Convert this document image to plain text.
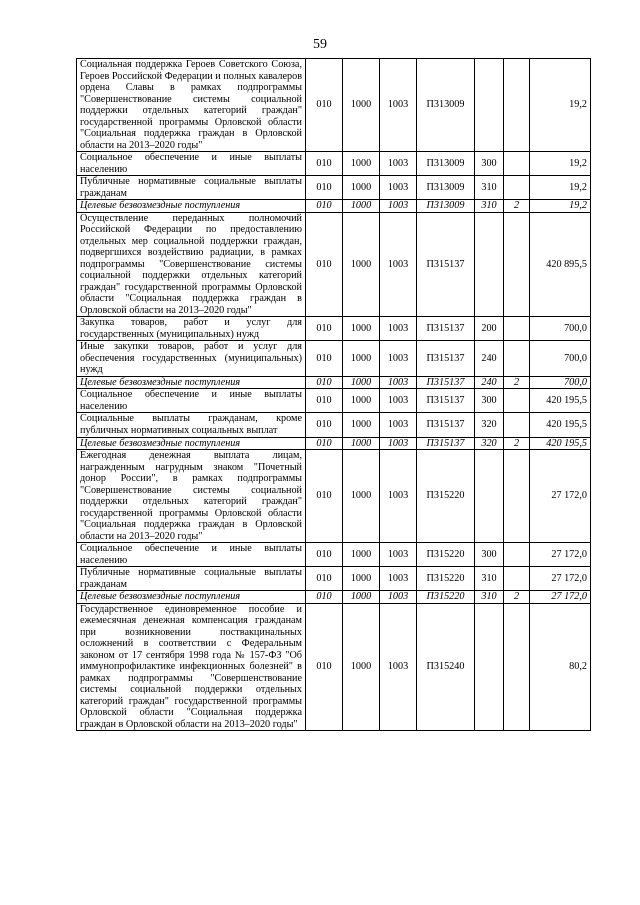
59
Социальная поддержка Героев Советского Союза, Героев Российской Федерации и полных кавалеров ордена Славы в рамках подпрограммы "Совершенствование системы социальной поддержки отдельных категорий граждан" государственной программы Орловской области "Социальная поддержка граждан в Орловской области на 2013–2020 годы"	010	1000	1003	П313009			19,2
Социальное обеспечение и иные выплаты населению	010	1000	1003	П313009	300		19,2
Публичные нормативные социальные выплаты гражданам	010	1000	1003	П313009	310		19,2
Целевые безвозмездные поступления	010	1000	1003	П313009	310	2	19,2
Осуществление переданных полномочий Российской Федерации по предоставлению отдельных мер социальной поддержки граждан, подвергшихся воздействию радиации, в рамках подпрограммы "Совершенствование системы социальной поддержки отдельных категорий граждан" государственной программы Орловской области "Социальная поддержка граждан в Орловской области на 2013–2020 годы"	010	1000	1003	П315137			420 895,5
Закупка товаров, работ и услуг для государственных (муниципальных) нужд	010	1000	1003	П315137	200		700,0
Иные закупки товаров, работ и услуг для обеспечения государственных (муниципальных) нужд	010	1000	1003	П315137	240		700,0
Целевые безвозмездные поступления	010	1000	1003	П315137	240	2	700,0
Социальное обеспечение и иные выплаты населению	010	1000	1003	П315137	300		420 195,5
Социальные выплаты гражданам, кроме публичных нормативных социальных выплат	010	1000	1003	П315137	320		420 195,5
Целевые безвозмездные поступления	010	1000	1003	П315137	320	2	420 195,5
Ежегодная денежная выплата лицам, награжденным нагрудным знаком "Почетный донор России", в рамках подпрограммы "Совершенствование системы социальной поддержки отдельных категорий граждан" государственной программы Орловской области "Социальная поддержка граждан в Орловской области на 2013–2020 годы"	010	1000	1003	П315220			27 172,0
Социальное обеспечение и иные выплаты населению	010	1000	1003	П315220	300		27 172,0
Публичные нормативные социальные выплаты гражданам	010	1000	1003	П315220	310		27 172,0
Целевые безвозмездные поступления	010	1000	1003	П315220	310	2	27 172,0
Государственное единовременное пособие и ежемесячная денежная компенсация гражданам при возникновении поствакцинальных осложнений в соответствии с Федеральным законом от 17 сентября 1998 года № 157-ФЗ "Об иммунопрофилактике инфекционных болезней" в рамках подпрограммы "Совершенствование системы социальной поддержки отдельных категорий граждан" государственной программы Орловской области "Социальная поддержка граждан в Орловской области на 2013–2020 годы"	010	1000	1003	П315240			80,2
